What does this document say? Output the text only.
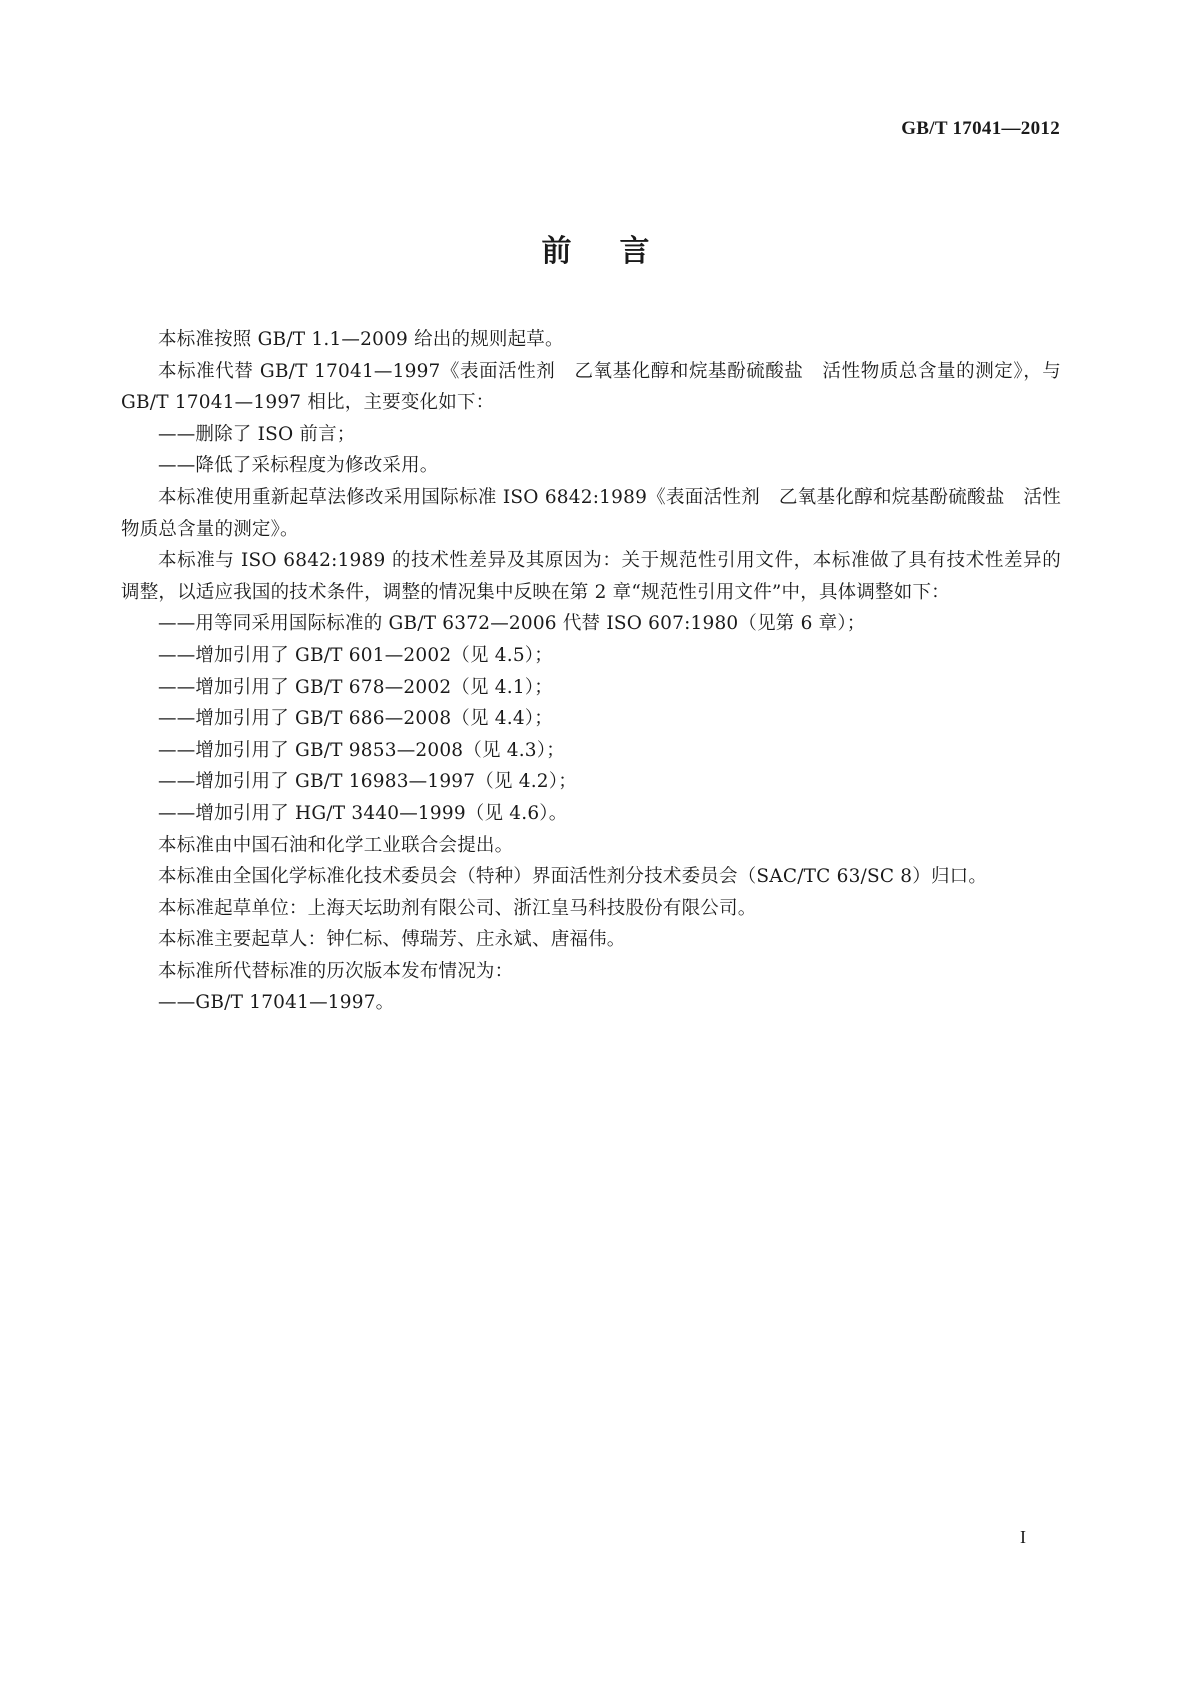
GB/T 17041—2012
前言

本标准按照 GB/T 1.1—2009 给出的规则起草。

本标准代替 GB/T 17041—1997《表面活性剂　乙氧基化醇和烷基酚硫酸盐　活性物质总含量的测定》，与 GB/T 17041—1997 相比，主要变化如下：

——删除了 ISO 前言；

——降低了采标程度为修改采用。

本标准使用重新起草法修改采用国际标准 ISO 6842:1989《表面活性剂　乙氧基化醇和烷基酚硫酸盐　活性物质总含量的测定》。

本标准与 ISO 6842:1989 的技术性差异及其原因为：关于规范性引用文件，本标准做了具有技术性差异的调整，以适应我国的技术条件，调整的情况集中反映在第 2 章“规范性引用文件”中，具体调整如下：

——用等同采用国际标准的 GB/T 6372—2006 代替 ISO 607:1980（见第 6 章）；

——增加引用了 GB/T 601—2002（见 4.5）；

——增加引用了 GB/T 678—2002（见 4.1）；

——增加引用了 GB/T 686—2008（见 4.4）；

——增加引用了 GB/T 9853—2008（见 4.3）；

——增加引用了 GB/T 16983—1997（见 4.2）；

——增加引用了 HG/T 3440—1999（见 4.6）。

本标准由中国石油和化学工业联合会提出。

本标准由全国化学标准化技术委员会（特种）界面活性剂分技术委员会（SAC/TC 63/SC 8）归口。

本标准起草单位：上海天坛助剂有限公司、浙江皇马科技股份有限公司。

本标准主要起草人：钟仁标、傅瑞芳、庄永斌、唐福伟。

本标准所代替标准的历次版本发布情况为：

——GB/T 17041—1997。

I
